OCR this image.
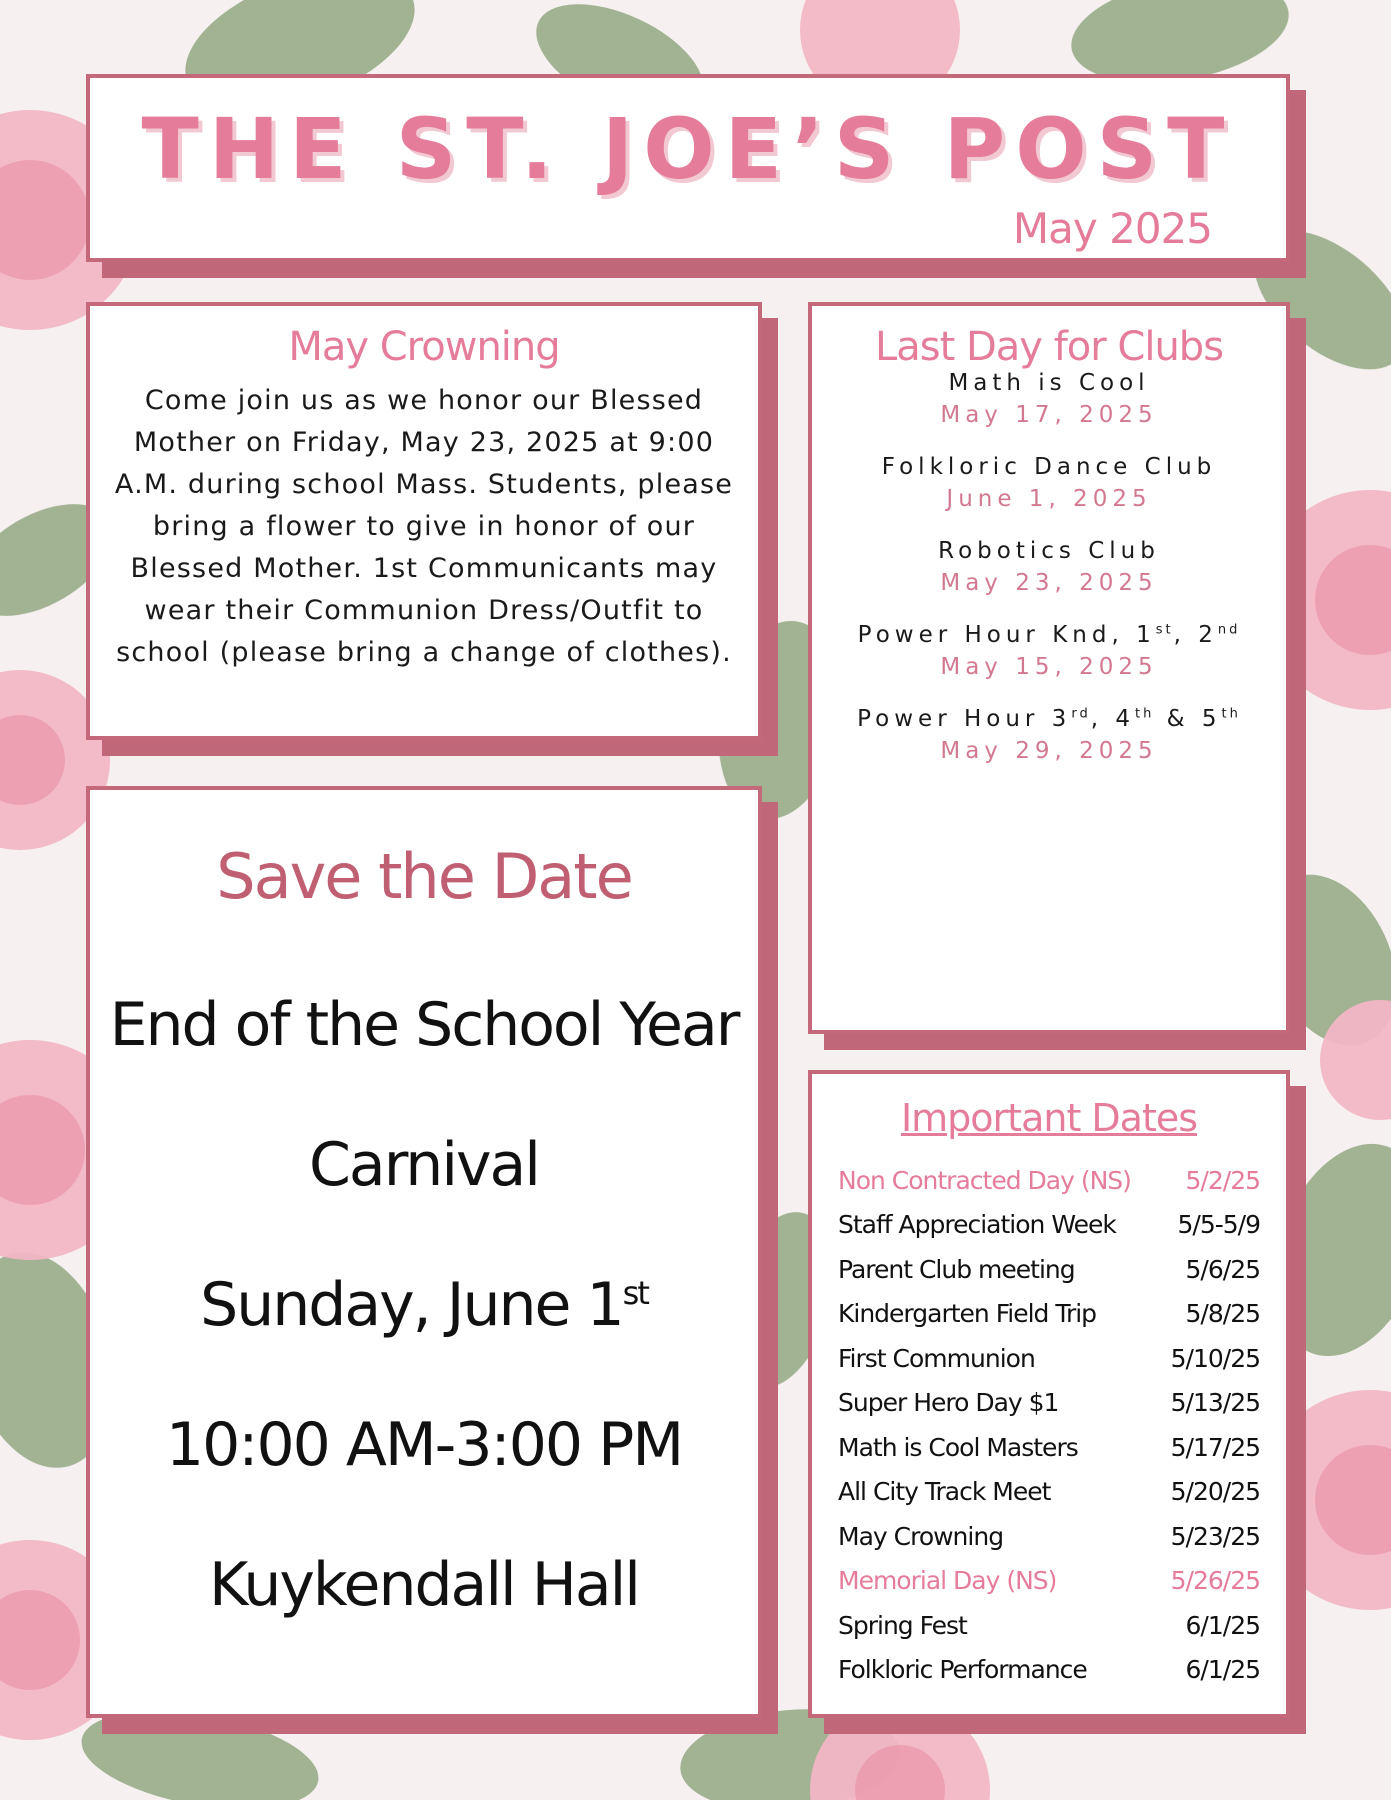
THE ST. JOE’S POST
May 2025
May Crowning
Come join us as we honor our Blessed Mother on Friday, May 23, 2025 at 9:00 A.M. during school Mass. Students, please bring a flower to give in honor of our Blessed Mother. 1st Communicants may wear their Communion Dress/Outfit to school (please bring a change of clothes).
Last Day for Clubs
Math is Cool
May 17, 2025
Folkloric Dance Club
June 1, 2025
Robotics Club
May 23, 2025
Power Hour Knd, 1st, 2nd
May 15, 2025
Power Hour 3rd, 4th & 5th
May 29, 2025
Save the Date
End of the School Year
Carnival
Sunday, June 1st
10:00 AM-3:00 PM
Kuykendall Hall
Important Dates
Non Contracted Day (NS)	5/2/25
Staff Appreciation Week	5/5-5/9
Parent Club meeting	5/6/25
Kindergarten Field Trip	5/8/25
First Communion	5/10/25
Super Hero Day $1	5/13/25
Math is Cool Masters	5/17/25
All City Track Meet	5/20/25
May Crowning	5/23/25
Memorial Day (NS)	5/26/25
Spring Fest	6/1/25
Folkloric Performance	6/1/25
